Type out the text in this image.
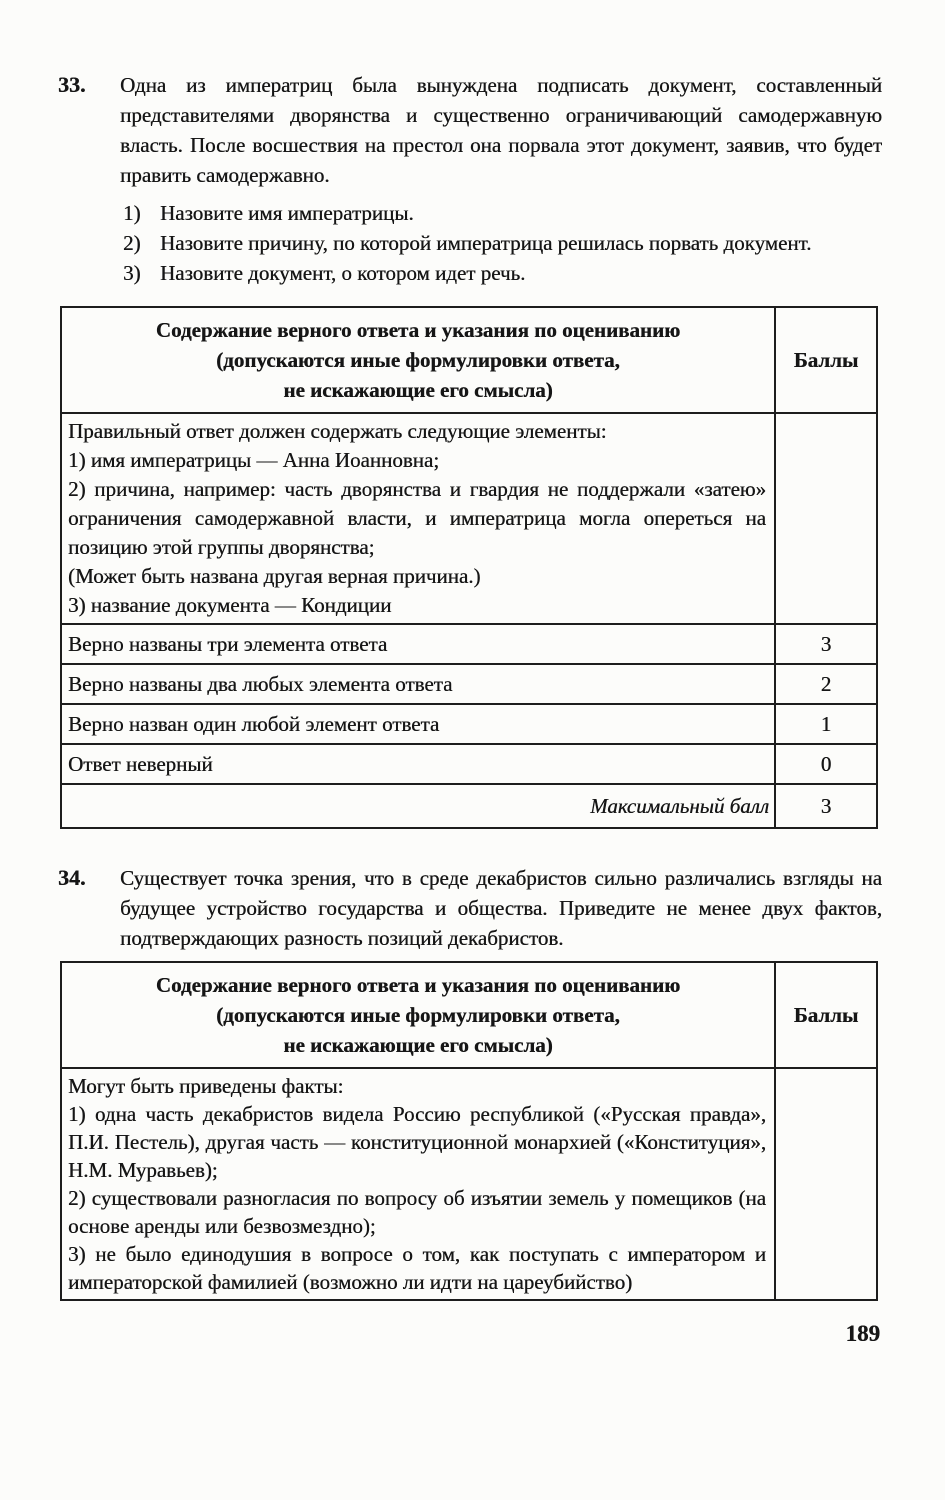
33.	Одна из императриц была вынуждена подписать документ, составленный представителями дворянства и существенно ограничивающий самодержавную власть. После восшествия на престол она порвала этот документ, заявив, что будет править самодержавно.
1) Назовите имя императрицы.
2) Назовите причину, по которой императрица решилась порвать документ.
3) Назовите документ, о котором идет речь.
Содержание верного ответа и указания по оцениванию
(допускаются иные формулировки ответа,
не искажающие его смысла)	Баллы

Правильный ответ должен содержать следующие элементы:
1) имя императрицы — Анна Иоанновна;
2) причина, например: часть дворянства и гвардия не поддержали «затею» ограничения самодержавной власти, и императрица могла опереться на позицию этой группы дворянства;
(Может быть названа другая верная причина.)
3) название документа — Кондиции	

Верно названы три элемента ответа	3
Верно названы два любых элемента ответа	2
Верно назван один любой элемент ответа	1
Ответ неверный	0
Максимальный балл	3
34.	Существует точка зрения, что в среде декабристов сильно различались взгляды на будущее устройство государства и общества. Приведите не менее двух фактов, подтверждающих разность позиций декабристов.
Содержание верного ответа и указания по оцениванию
(допускаются иные формулировки ответа,
не искажающие его смысла)	Баллы

Могут быть приведены факты:
1) одна часть декабристов видела Россию республикой («Русская правда», П.И. Пестель), другая часть — конституционной монархией («Конституция», Н.М. Муравьев);
2) существовали разногласия по вопросу об изъятии земель у помещиков (на основе аренды или безвозмездно);
3) не было единодушия в вопросе о том, как поступать с императором и императорской фамилией (возможно ли идти на цареубийство)	

189
